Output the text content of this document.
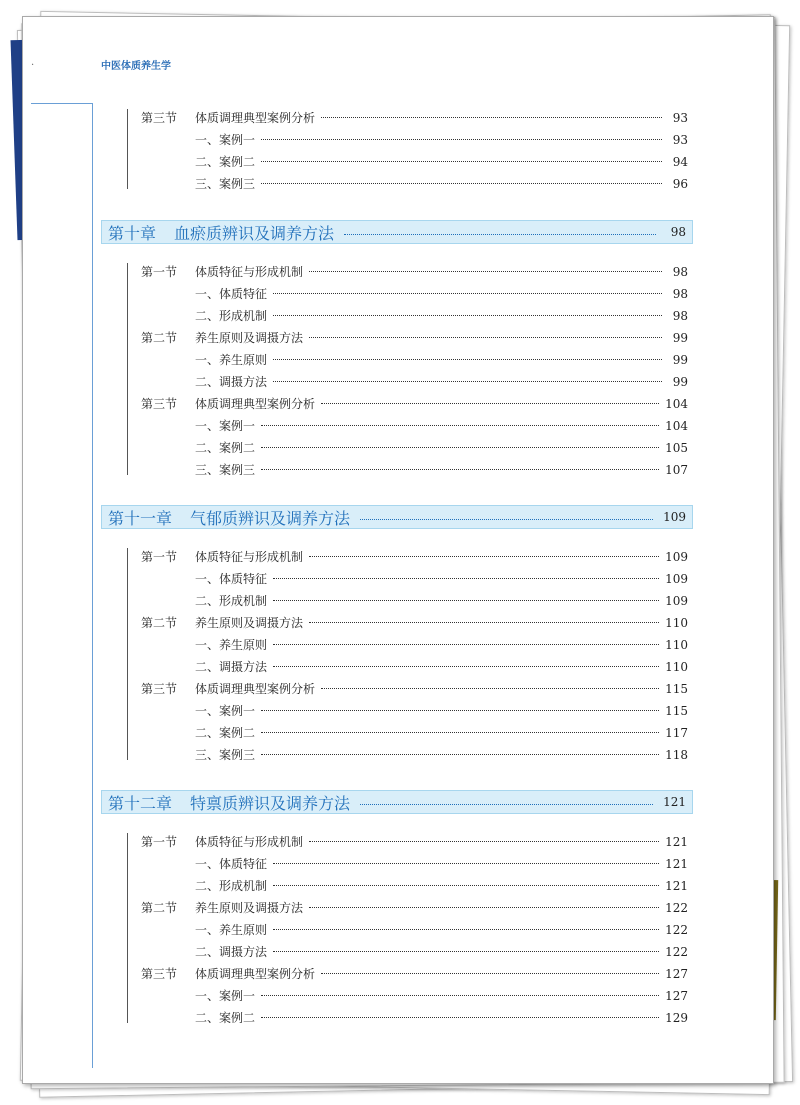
.	中医体质养生学
第三节 体质调理典型案例分析	93
一、案例一	93
二、案例二	94
三、案例三	96
第十章 血瘀质辨识及调养方法	98
第一节 体质特征与形成机制	98
一、体质特征	98
二、形成机制	98
第二节 养生原则及调摄方法	99
一、养生原则	99
二、调摄方法	99
第三节 体质调理典型案例分析	104
一、案例一	104
二、案例二	105
三、案例三	107
第十一章 气郁质辨识及调养方法	109
第一节 体质特征与形成机制	109
一、体质特征	109
二、形成机制	109
第二节 养生原则及调摄方法	110
一、养生原则	110
二、调摄方法	110
第三节 体质调理典型案例分析	115
一、案例一	115
二、案例二	117
三、案例三	118
第十二章 特禀质辨识及调养方法	121
第一节 体质特征与形成机制	121
一、体质特征	121
二、形成机制	121
第二节 养生原则及调摄方法	122
一、养生原则	122
二、调摄方法	122
第三节 体质调理典型案例分析	127
一、案例一	127
二、案例二	129
